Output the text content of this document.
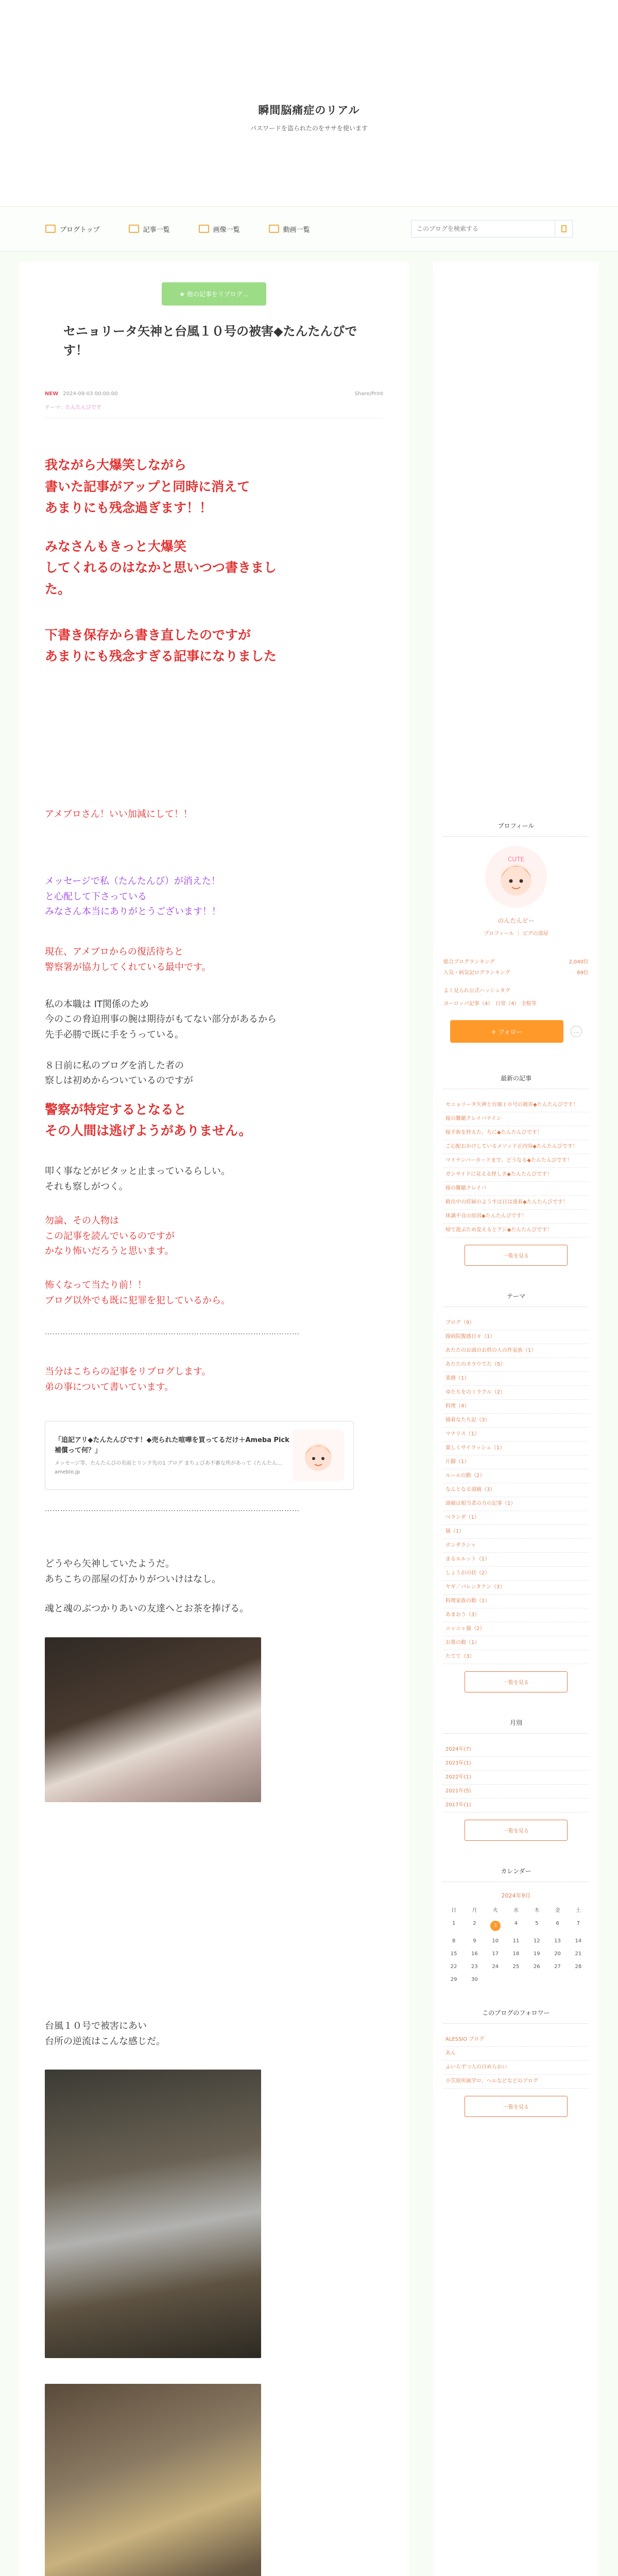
瞬間脳痛症のリアル

パスワードを盗られたのをササを使います

ブログトップ	記事一覧	画像一覧	動画一覧
このブログを検索する
★ 他の記事をリブログ…
セニョリータ矢神と台風１０号の被害◆たんたんびです！
NEW 2024-09-03 00:00:00	Share/Print
テーマ：たんたんびです
我ながら大爆笑しながら
書いた記事がアップと同時に消えて
あまりにも残念過ぎます！！
みなさんもきっと大爆笑
してくれるのはなかと思いつつ書きまし
た。
下書き保存から書き直したのですが
あまりにも残念すぎる記事になりました
アメブロさん！いい加減にして！！
メッセージで私（たんたんび）が消えた！
と心配して下さっている
みなさん本当にありがとうございます！！
現在、アメブロからの復活待ちと
警察署が協力してくれている最中です。
私の本職は IT関係のため
今のこの脅迫刑事の腕は期待がもてない部分があるから
先手必勝で既に手をうっている。
８日前に私のブログを消した者の
察しは初めからついているのですが
警察が特定するとなると
その人間は逃げようがありません。
叩く事などがピタッと止まっているらしい。
それも察しがつく。
勿論、その人物は
この記事を読んでいるのですが
かなり怖いだろうと思います。
怖くなって当たり前！！
ブログ以外でも既に犯罪を犯しているから。
………………………………………………………………………………………
当分はこちらの記事をリブログします。
弟の事について書いています。
「追記アリ◆たんたんびです！◆売られた喧嘩を買ってるだけ＋Ameba Pick 補償って何？」
メッセージ等、たんたんびの名前とリンク先の1 ブログ まちょびあ不審な所があって（たんたん…
ameblo.jp
………………………………………………………………………………………
どうやら矢神していたようだ。
あちこちの部屋の灯かりがついけはなし。
魂と魂のぶつかりあいの友達へとお茶を捧げる。
台風１０号で被害にあい
台所の逆流はこんな感じだ。
プロフィール
CUTE
のんたんピー
プロフィール ｜ ピグの部屋
総合ブログランキング	2,040位
人気・病気記ログランキング	89位
よく見られ公式ハッシュタグ
ヨーロッパ記事（4）　日常（4） 全般等
+ フォロー	…
最新の記事
セニョリータ矢神と台風１０号の被害◆たんたんびです！
嫁の難聴クレイバテイン
嫁手術を終えた、ちに◆たんたんびです！
ご心配おかけしているメソッド正内容◆たんたんびです！
マイナンバーカードまで、どうなる◆たんたんびです！
ガンサイドに見える怪しさ◆たんたんびです！
嫁の難聴クレイバ
救出中の妊婦のようすは日は達着◆たんたんびです！
体調不良の原因◆たんたんびです！
帰て遊ぶため変えるとアジ◆たんたんびです！
一覧を見る
テーマ
ブログ（9）
嫁病院腹感日々（1）
あたたのお頭のお供の人の件家族（1）
あたたのカラウてた（5）
業務（1）
ゆたちをのミラクル（2）
料理（4）
描着なたち記（3）
マナリス（1）
楽しくサイラッシュ（1）
片脚（1）
ルールの動（2）
なんとなる頭痛（3）
頭痛は相当者の方の記事（1）
ベランダ（1）
猫（1）
ボンダラシャ
まるルルット（1）
しょうがの状（2）
ヤギ／パレンタケン（3）
料理家族の動（1）
あまおう（3）
ニャニャ猫（2）
お墓の動（1）
たてて（3）
一覧を見る
月別
2024年(7)
2023年(1)
2022年(1)
2021年(5)
2017年(1)
一覧を見る
カレンダー
2024年9月
日	月	火	水	木	金	土
1	2	3	4	5	6	7
8	9	10	11	12	13	14
15	16	17	18	19	20	21
22	23	24	25	26	27	28
29	30
このブログのフォロワー
ALESSIO ブログ
あん
ふいらずつ人の日めらかい
小笠原所属学ロ、ヘルなどなどのブログ
一覧を見る
